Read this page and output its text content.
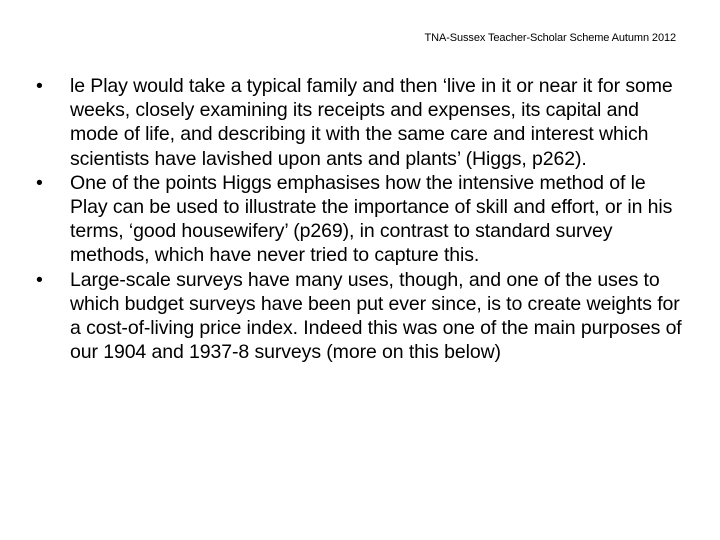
TNA-Sussex Teacher-Scholar Scheme Autumn 2012
•	le Play would take a typical family and then ‘live in it or near it for some weeks, closely examining its receipts and expenses, its capital and mode of life, and describing it with the same care and interest which scientists have lavished upon ants and plants’ (Higgs, p262).
•	One of the points Higgs emphasises how the intensive method of le Play can be used to illustrate the importance of skill and effort, or in his terms, ‘good housewifery’ (p269), in contrast to standard survey methods, which have never tried to capture this.
•	Large-scale surveys have many uses, though, and one of the uses to which budget surveys have been put ever since, is to create weights for a cost-of-living price index. Indeed this was one of the main purposes of our 1904 and 1937-8 surveys (more on this below)
